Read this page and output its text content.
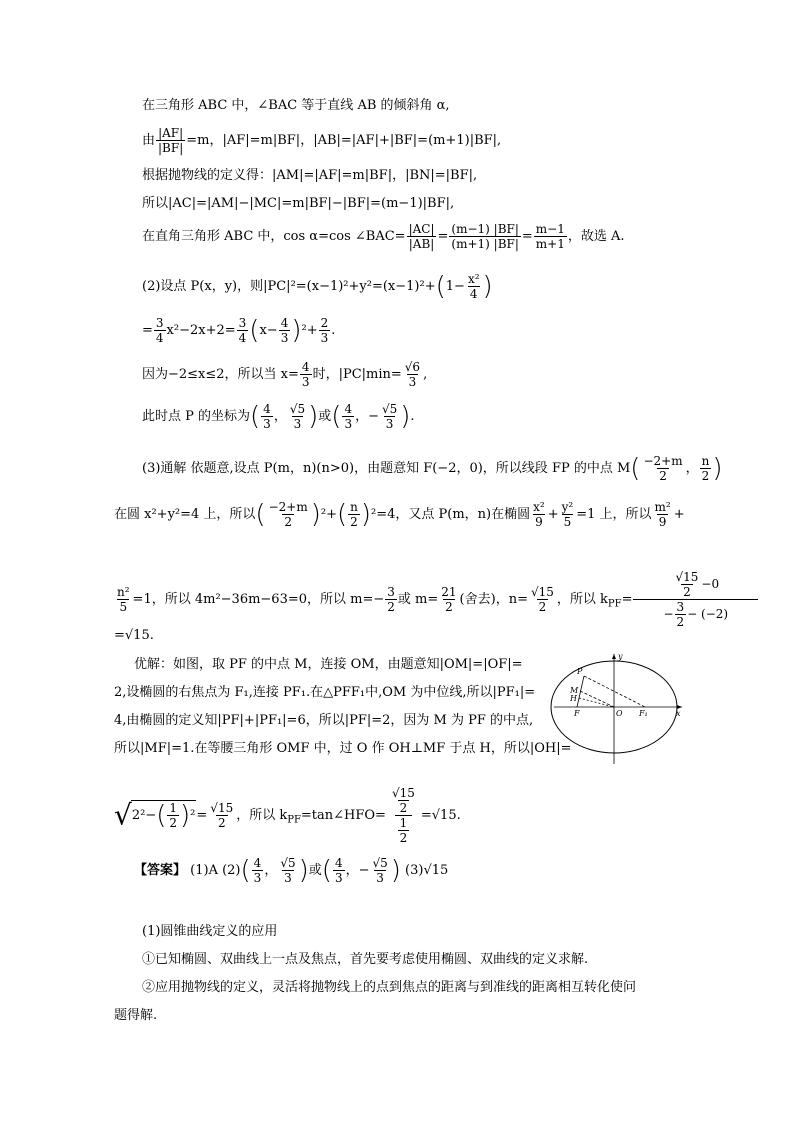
在三角形 ABC 中，∠BAC 等于直线 AB 的倾斜角 α,
由 $\frac{|AF|}{|BF|} =m$，|AF|=m|BF|，|AB|=|AF|+|BF|=(m+1)|BF|,
根据抛物线的定义得：|AM|=|AF|=m|BF|，|BN|=|BF|,
所以|AC|=|AM|−|MC|=m|BF|−|BF|=(m−1)|BF|,
在直角三角形 ABC 中，cos α=cos ∠BAC= $\frac{|AC|}{|AB|} = \frac{(m-1) |BF|}{(m+1) |BF|} = \frac{m-1}{m+1}$ ，故选 A.
(2)设点 P(x，y)，则$|PC|^2=(x-1)^2+y^2=(x-1)^2+(1- \frac{\text{x²}}{4}$ )
= $\frac{3}{4} x^2-2x+2= \frac{3}{4} (x- \frac{4}{3} )^2+ \frac{2}{3}$ .
因为−2≤x≤2，所以当 $x= \frac{4}{3}$ 时，$|PC|\min= \frac{√6}{3}$ ,
此时点 P 的坐标为( $\frac{4}{3}$ ， $\frac{√5}{3}$ )或( $\frac{4}{3}$ ，− $\frac{√5}{3}$ ).
(3)通解 依题意,设点 P(m，n)(n>0)，由题意知 F(−2，0)，所以线段 FP 的中点 $M( \frac{-2+m}{2}$ ， $\frac{n}{2}$ )
在圆 x²+y²=4 上，所以( $\frac{-2+m}{2} )^2+( \frac{n}{2} )^2=4$，又点 P(m，n)在椭圆 $\frac{\text{x²}}{9} + \frac{\text{y²}}{5} =1$ 上，所以 $\frac{\text{m²}}{9}$ +
$\frac{\text{n²}}{5} =1$，所以 4m²−36m−63=0，所以 $m=- \frac{3}{2}$ 或 $m= \frac{21}{2}$ (舍去)，$n= \frac{√15}{2}$ ，所以 $k_{PF}= \frac{\frac{√15}{2} -0}{- \frac{3}{2} - (-2)}$
=√15.
优解：如图，取 PF 的中点 M，连接 OM，由题意知|OM|=|OF|=
2,设椭圆的右焦点为 F₁,连接 PF₁.在△PFF₁中,OM 为中位线,所以|PF₁|=
4,由椭圆的定义知|PF|+|PF₁|=6，所以|PF|=2，因为 M 为 PF 的中点,
所以|MF|=1.在等腰三角形 OMF 中，过 O 作 OH⊥MF 于点 H，所以|OH|=
$√2^2-( \frac{1}{2} )^2= \frac{√15}{2}$ ，所以 $k_{PF}=\tan\angle HFO= \frac{\frac{√15}{2}}{\frac{1}{2}} =√15$.
【答案】 (1)A $(2)( \frac{4}{3}$ ， $\frac{√5}{3}$ )或( $\frac{4}{3}$ ，− $\frac{√5}{3}$ ) (3)√15
(1)圆锥曲线定义的应用
①已知椭圆、双曲线上一点及焦点，首先要考虑使用椭圆、双曲线的定义求解.
②应用抛物线的定义，灵活将抛物线上的点到焦点的距离与到准线的距离相互转化使问
题得解.
P
M
H
F	O F₁	x
y
